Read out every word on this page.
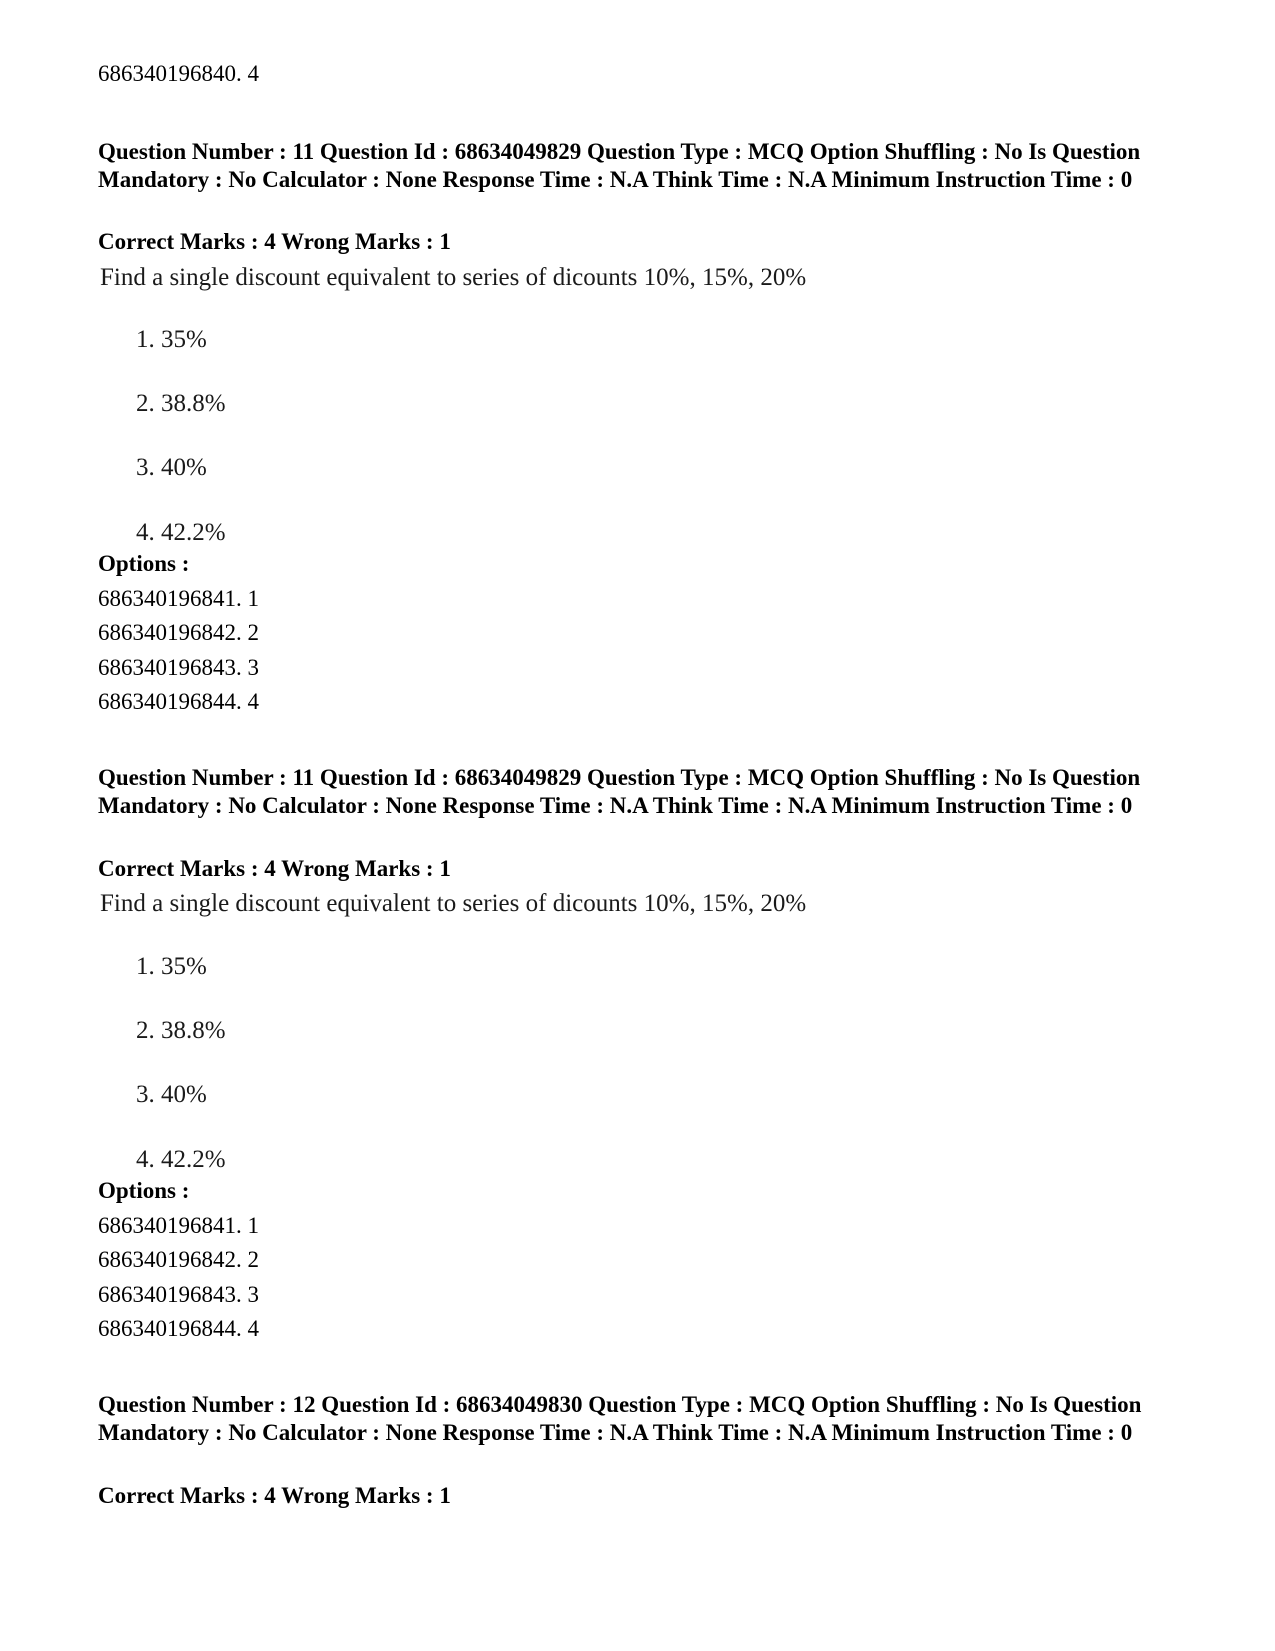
686340196840. 4
Question Number : 11 Question Id : 68634049829 Question Type : MCQ Option Shuffling : No Is Question Mandatory : No Calculator : None Response Time : N.A Think Time : N.A Minimum Instruction Time : 0
Correct Marks : 4 Wrong Marks : 1
Find a single discount equivalent to series of dicounts 10%, 15%, 20%
1. 35%
2. 38.8%
3. 40%
4. 42.2%
Options :
686340196841. 1
686340196842. 2
686340196843. 3
686340196844. 4
Question Number : 11 Question Id : 68634049829 Question Type : MCQ Option Shuffling : No Is Question Mandatory : No Calculator : None Response Time : N.A Think Time : N.A Minimum Instruction Time : 0
Correct Marks : 4 Wrong Marks : 1
Find a single discount equivalent to series of dicounts 10%, 15%, 20%
1. 35%
2. 38.8%
3. 40%
4. 42.2%
Options :
686340196841. 1
686340196842. 2
686340196843. 3
686340196844. 4
Question Number : 12 Question Id : 68634049830 Question Type : MCQ Option Shuffling : No Is Question Mandatory : No Calculator : None Response Time : N.A Think Time : N.A Minimum Instruction Time : 0
Correct Marks : 4 Wrong Marks : 1
